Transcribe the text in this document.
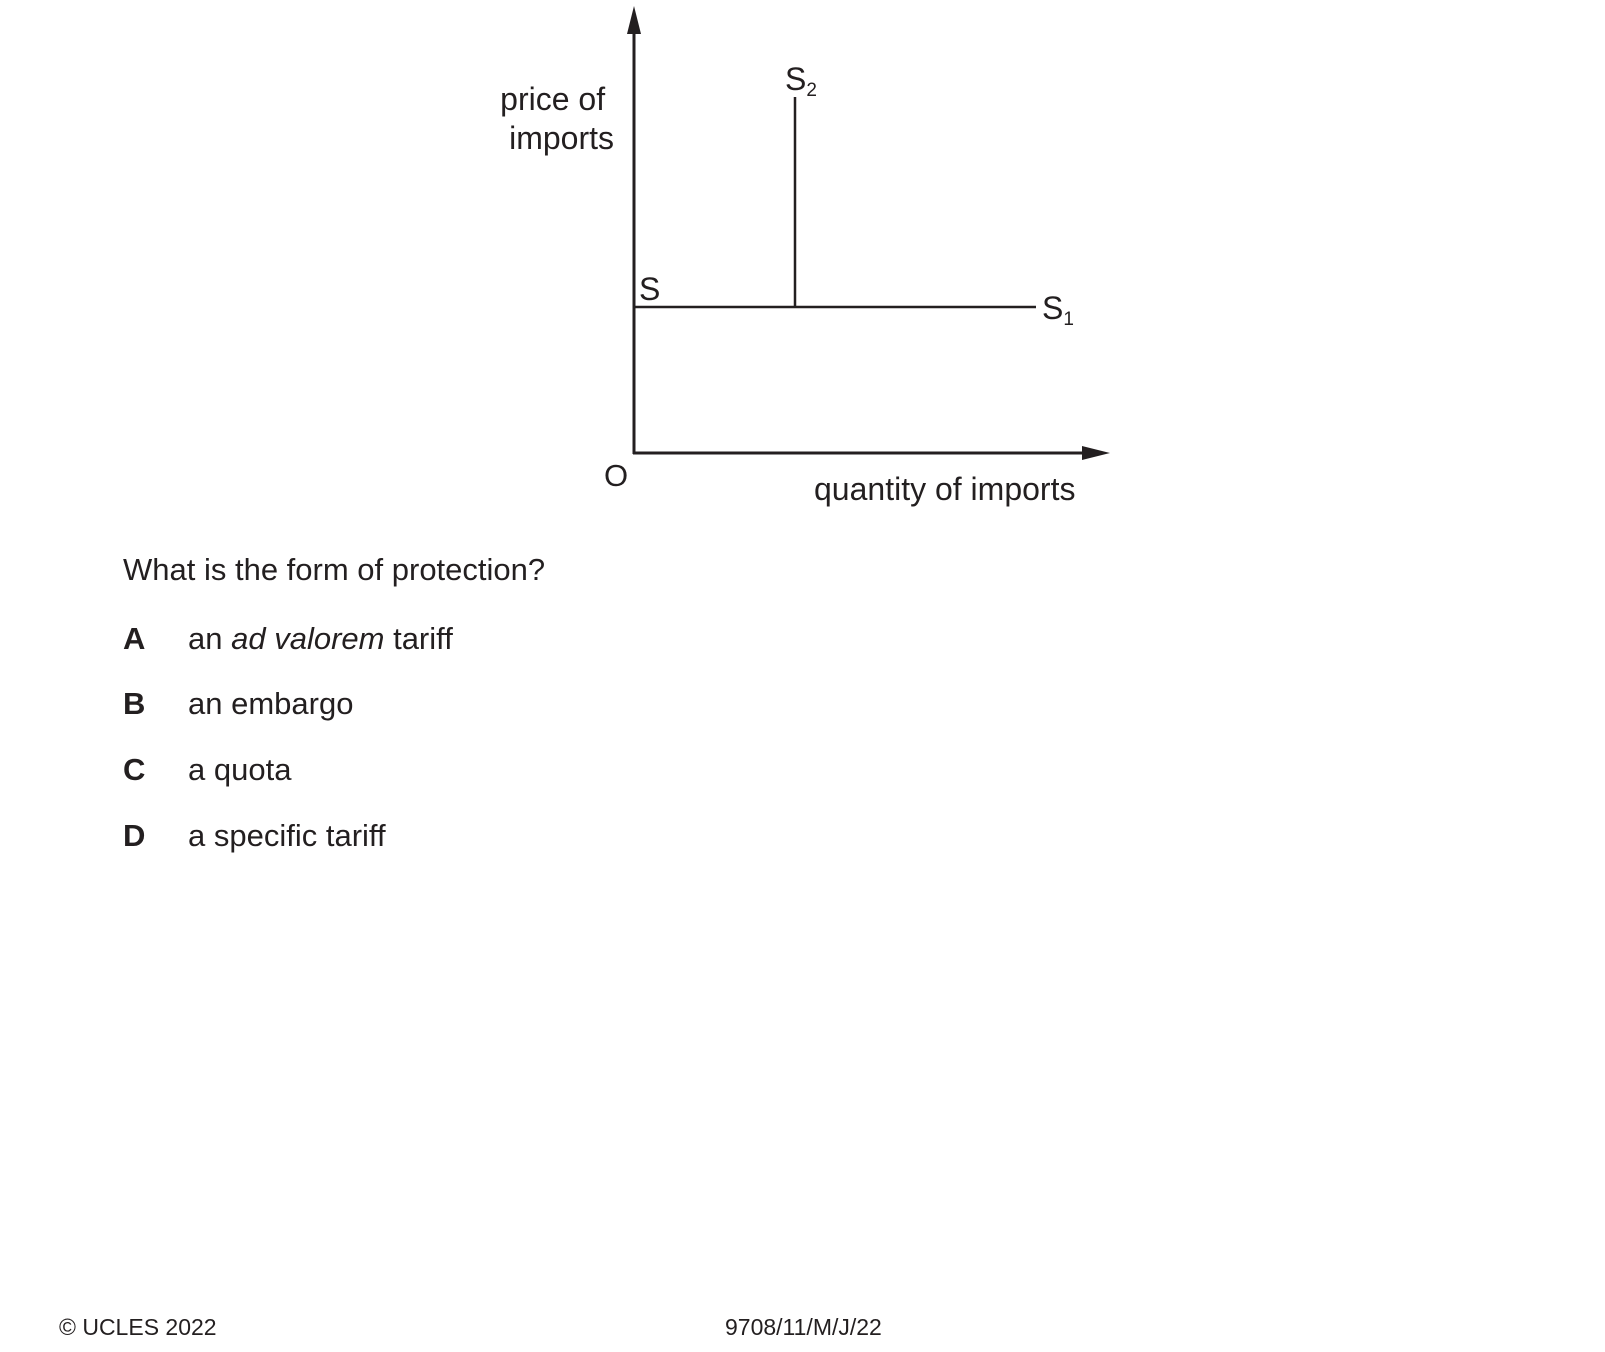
price of imports
O	quantity of imports
S
S2
S1

What is the form of protection?

A an ad valorem tariff
B an embargo
C a quota
D a specific tariff
© UCLES 2022	9708/11/M/J/22
